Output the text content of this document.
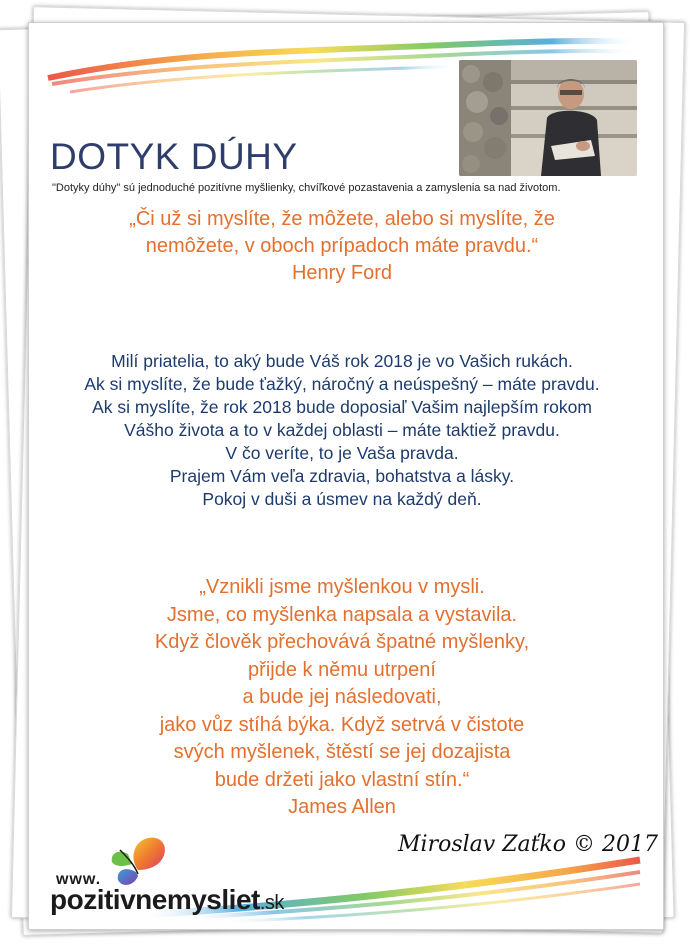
DOTYK DÚHY
"Dotyky dúhy" sú jednoduché pozitívne myšlienky, chvíľkové pozastavenia a zamyslenia sa nad životom.
„Či už si myslíte, že môžete, alebo si myslíte, že
nemôžete, v oboch prípadoch máte pravdu.“
Henry Ford
Milí priatelia, to aký bude Váš rok 2018 je vo Vašich rukách.
Ak si myslíte, že bude ťažký, náročný a neúspešný – máte pravdu.
Ak si myslíte, že rok 2018 bude doposiaľ Vašim najlepším rokom
Vášho života a to v každej oblasti – máte taktiež pravdu.
V čo veríte, to je Vaša pravda.
Prajem Vám veľa zdravia, bohatstva a lásky.
Pokoj v duši a úsmev na každý deň.
„Vznikli jsme myšlenkou v mysli.
Jsme, co myšlenka napsala a vystavila.
Když člověk přechovává špatné myšlenky,
přijde k němu utrpení
a bude jej následovati,
jako vůz stíhá býka. Když setrvá v čistote
svých myšlenek, štěstí se jej dozajista
bude držeti jako vlastní stín.“
James Allen
Miroslav Zaťko © 2017
www.
pozitivnemysliet.sk
